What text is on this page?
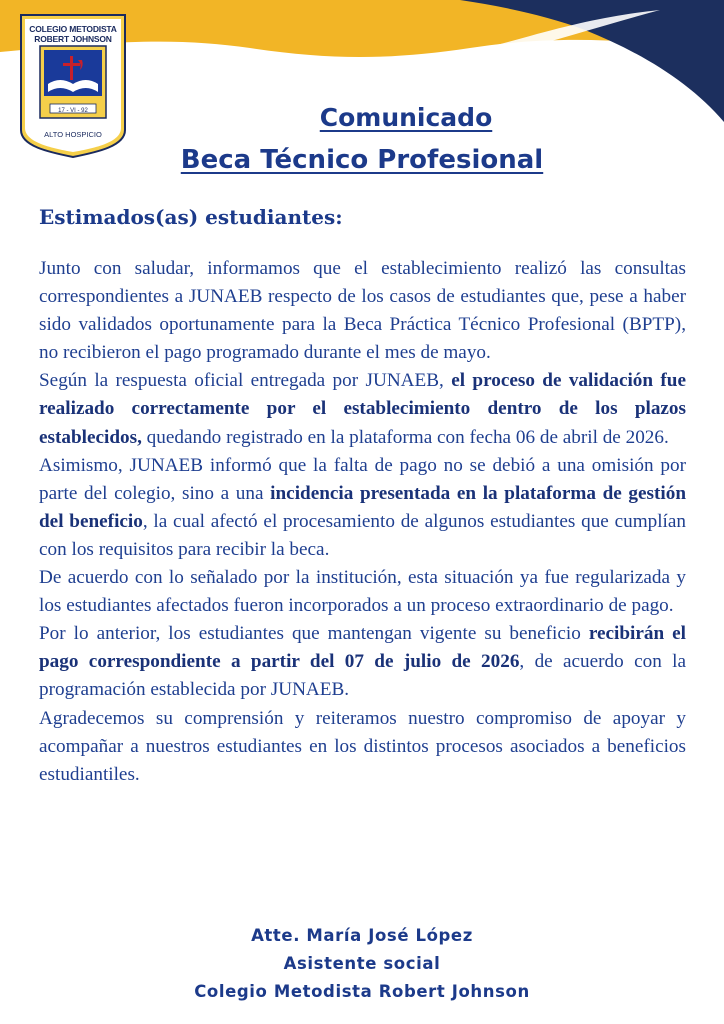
COLEGIO METODISTA
ROBERT JOHNSON
17 - VI - 92
ALTO HOSPICIO
Comunicado
Beca Técnico Profesional

Estimados(as) estudiantes:

Junto con saludar, informamos que el establecimiento realizó las consultas correspondientes a JUNAEB respecto de los casos de estudiantes que, pese a haber sido validados oportunamente para la Beca Práctica Técnico Profesional (BPTP), no recibieron el pago programado durante el mes de mayo.

Según la respuesta oficial entregada por JUNAEB, el proceso de validación fue realizado correctamente por el establecimiento dentro de los plazos establecidos, quedando registrado en la plataforma con fecha 06 de abril de 2026.

Asimismo, JUNAEB informó que la falta de pago no se debió a una omisión por parte del colegio, sino a una incidencia presentada en la plataforma de gestión del beneficio, la cual afectó el procesamiento de algunos estudiantes que cumplían con los requisitos para recibir la beca.

De acuerdo con lo señalado por la institución, esta situación ya fue regularizada y los estudiantes afectados fueron incorporados a un proceso extraordinario de pago.

Por lo anterior, los estudiantes que mantengan vigente su beneficio recibirán el pago correspondiente a partir del 07 de julio de 2026, de acuerdo con la programación establecida por JUNAEB.

Agradecemos su comprensión y reiteramos nuestro compromiso de apoyar y acompañar a nuestros estudiantes en los distintos procesos asociados a beneficios estudiantiles.

Atte. María José López
Asistente social
Colegio Metodista Robert Johnson
